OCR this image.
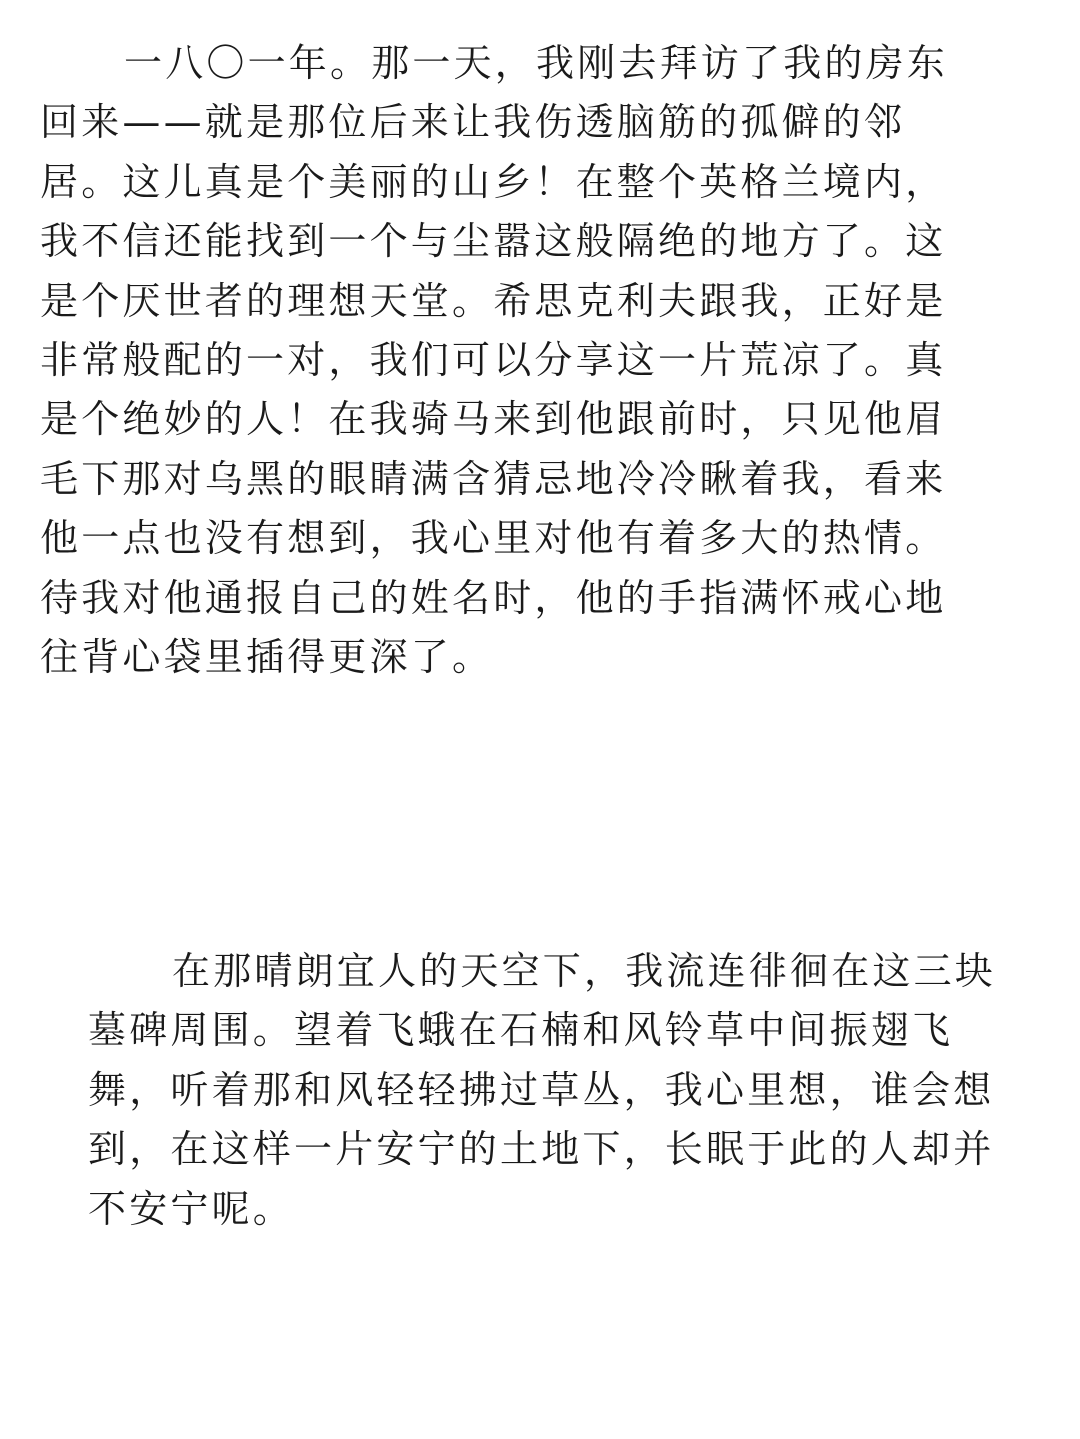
一八〇一年。那一天，我刚去拜访了我的房东
回来——就是那位后来让我伤透脑筋的孤僻的邻
居。这儿真是个美丽的山乡！在整个英格兰境内，
我不信还能找到一个与尘嚣这般隔绝的地方了。这
是个厌世者的理想天堂。希思克利夫跟我，正好是
非常般配的一对，我们可以分享这一片荒凉了。真
是个绝妙的人！在我骑马来到他跟前时，只见他眉
毛下那对乌黑的眼睛满含猜忌地冷冷瞅着我，看来
他一点也没有想到，我心里对他有着多大的热情。
待我对他通报自己的姓名时，他的手指满怀戒心地
往背心袋里插得更深了。

在那晴朗宜人的天空下，我流连徘徊在这三块
墓碑周围。望着飞蛾在石楠和风铃草中间振翅飞
舞，听着那和风轻轻拂过草丛，我心里想，谁会想
到，在这样一片安宁的土地下，长眠于此的人却并
不安宁呢。
